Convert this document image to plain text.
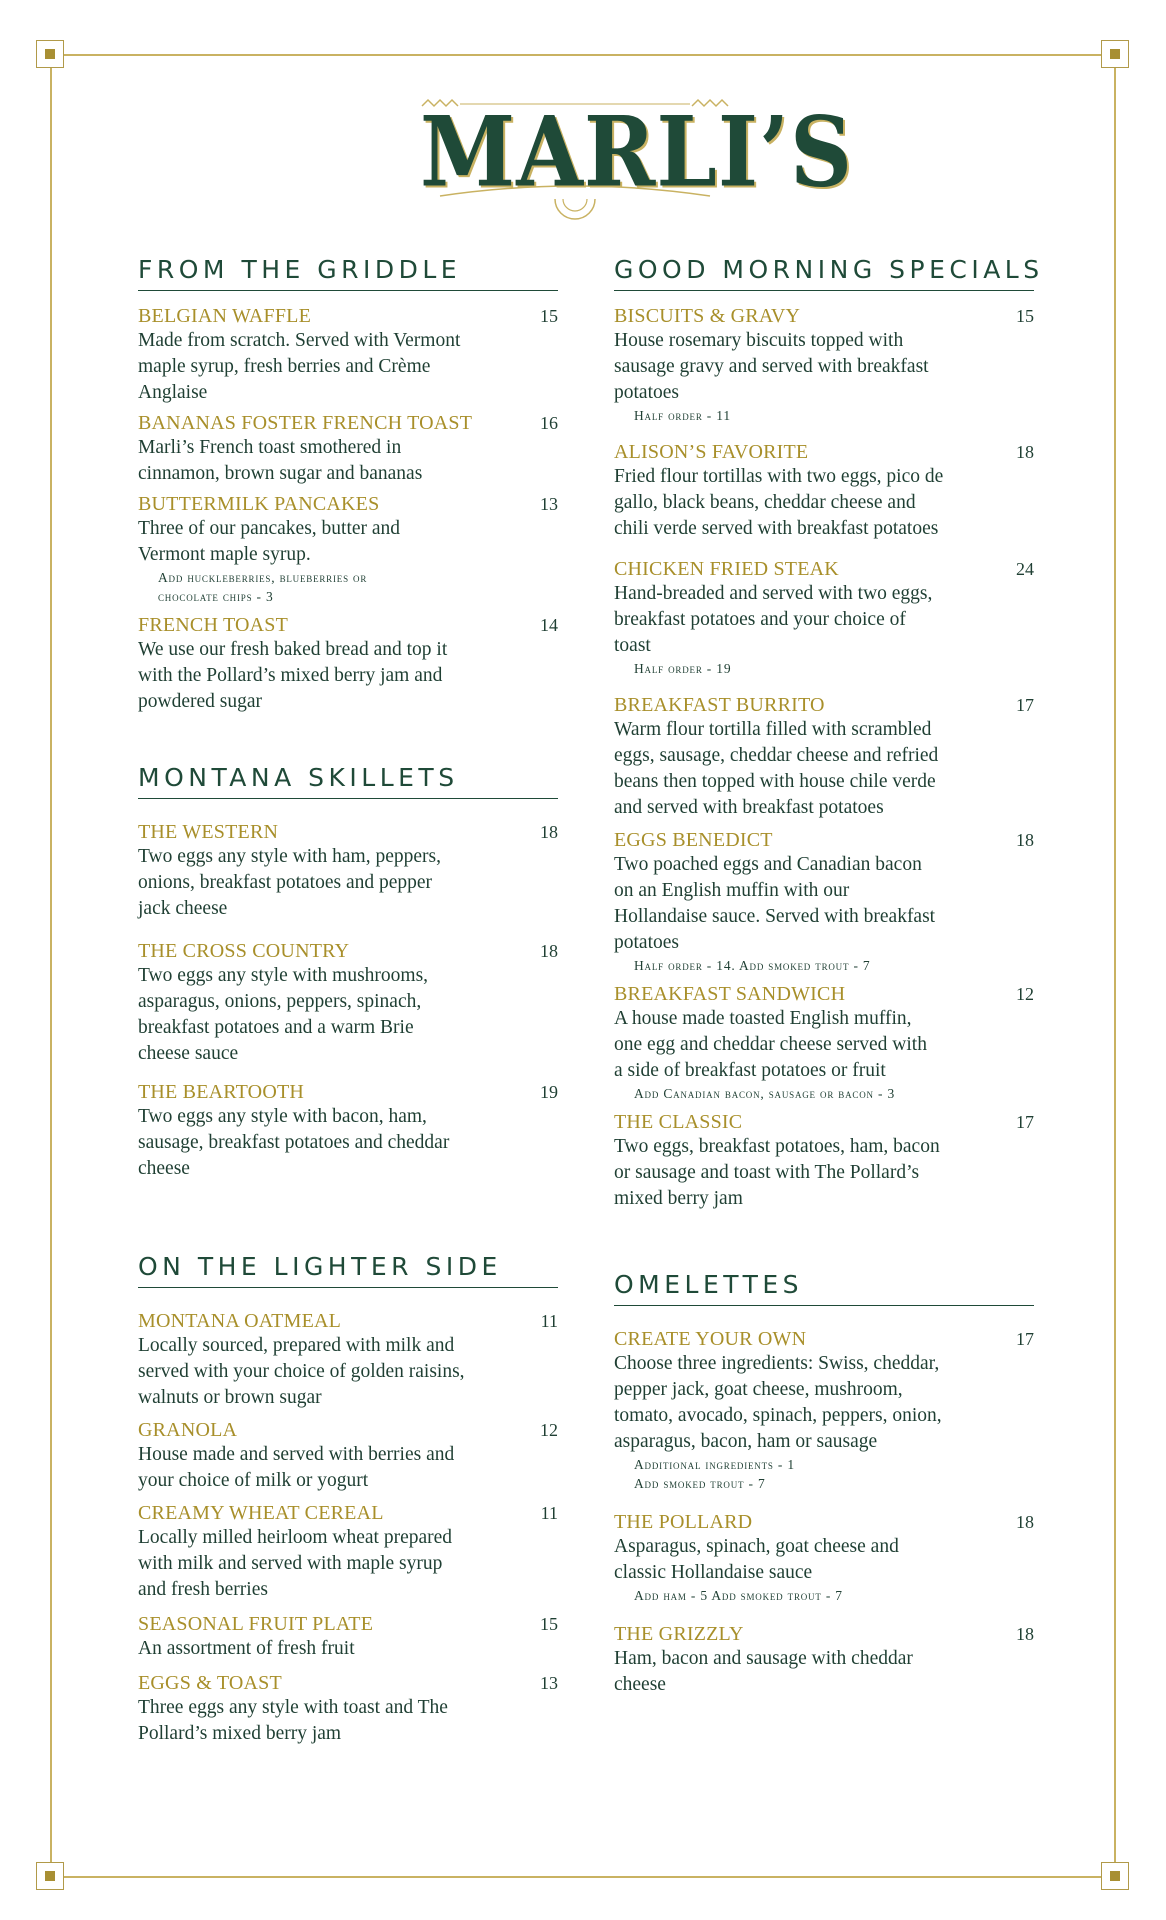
MARLI’S
FROM THE GRIDDLE
BELGIAN WAFFLE	15
Made from scratch. Served with Vermont
maple syrup, fresh berries and Crème
Anglaise
BANANAS FOSTER FRENCH TOAST	16
Marli’s French toast smothered in
cinnamon, brown sugar and bananas
BUTTERMILK PANCAKES	13
Three of our pancakes, butter and
Vermont maple syrup.
Add huckleberries, blueberries or
chocolate chips - 3
FRENCH TOAST	14
We use our fresh baked bread and top it
with the Pollard’s mixed berry jam and
powdered sugar
MONTANA SKILLETS
THE WESTERN	18
Two eggs any style with ham, peppers,
onions, breakfast potatoes and pepper
jack cheese
THE CROSS COUNTRY	18
Two eggs any style with mushrooms,
asparagus, onions, peppers, spinach,
breakfast potatoes and a warm Brie
cheese sauce
THE BEARTOOTH	19
Two eggs any style with bacon, ham,
sausage, breakfast potatoes and cheddar
cheese
ON THE LIGHTER SIDE
MONTANA OATMEAL	11
Locally sourced, prepared with milk and
served with your choice of golden raisins,
walnuts or brown sugar
GRANOLA	12
House made and served with berries and
your choice of milk or yogurt
CREAMY WHEAT CEREAL	11
Locally milled heirloom wheat prepared
with milk and served with maple syrup
and fresh berries
SEASONAL FRUIT PLATE	15
An assortment of fresh fruit
EGGS & TOAST	13
Three eggs any style with toast and The
Pollard’s mixed berry jam
GOOD MORNING SPECIALS
BISCUITS & GRAVY	15
House rosemary biscuits topped with
sausage gravy and served with breakfast
potatoes
Half order - 11
ALISON’S FAVORITE	18
Fried flour tortillas with two eggs, pico de
gallo, black beans, cheddar cheese and
chili verde served with breakfast potatoes
CHICKEN FRIED STEAK	24
Hand-breaded and served with two eggs,
breakfast potatoes and your choice of
toast
Half order - 19
BREAKFAST BURRITO	17
Warm flour tortilla filled with scrambled
eggs, sausage, cheddar cheese and refried
beans then topped with house chile verde
and served with breakfast potatoes
EGGS BENEDICT	18
Two poached eggs and Canadian bacon
on an English muffin with our
Hollandaise sauce. Served with breakfast
potatoes
Half order - 14. Add smoked trout - 7
BREAKFAST SANDWICH	12
A house made toasted English muffin,
one egg and cheddar cheese served with
a side of breakfast potatoes or fruit
Add Canadian bacon, sausage or bacon - 3
THE CLASSIC	17
Two eggs, breakfast potatoes, ham, bacon
or sausage and toast with The Pollard’s
mixed berry jam
OMELETTES
CREATE YOUR OWN	17
Choose three ingredients: Swiss, cheddar,
pepper jack, goat cheese, mushroom,
tomato, avocado, spinach, peppers, onion,
asparagus, bacon, ham or sausage
Additional ingredients - 1
Add smoked trout - 7
THE POLLARD	18
Asparagus, spinach, goat cheese and
classic Hollandaise sauce
Add ham - 5 Add smoked trout - 7
THE GRIZZLY	18
Ham, bacon and sausage with cheddar
cheese
